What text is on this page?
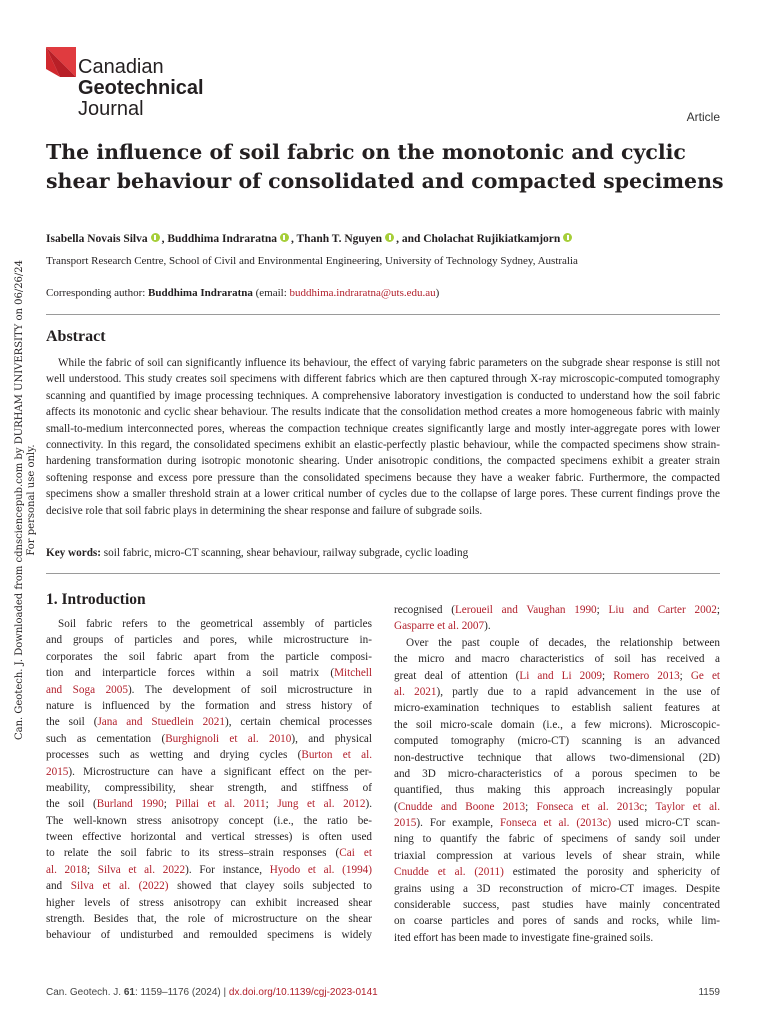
Canadian
Geotechnical
Journal	Article
The influence of soil fabric on the monotonic and cyclic shear behaviour of consolidated and compacted specimens
Isabella Novais Silva , Buddhima Indraratna , Thanh T. Nguyen , and Cholachat Rujikiatkamjorn
Transport Research Centre, School of Civil and Environmental Engineering, University of Technology Sydney, Australia
Corresponding author: Buddhima Indraratna (email: buddhima.indraratna@uts.edu.au)
Abstract

While the fabric of soil can significantly influence its behaviour, the effect of varying fabric parameters on the subgrade shear response is still not well understood. This study creates soil specimens with different fabrics which are then captured through X-ray microscopic-computed tomography scanning and quantified by image processing techniques. A comprehensive laboratory investigation is conducted to understand how the soil fabric affects its monotonic and cyclic shear behaviour. The results indicate that the consolidation method creates a more homogeneous fabric with mainly small-to-medium interconnected pores, whereas the compaction technique creates significantly large and mostly inter-aggregate pores with lower connectivity. In this regard, the consolidated specimens exhibit an elastic-perfectly plastic behaviour, while the compacted specimens show strain-hardening transformation during isotropic monotonic shearing. Under anisotropic conditions, the compacted specimens exhibit a greater strain softening response and excess pore pressure than the consolidated specimens because they have a weaker fabric. Furthermore, the compacted specimens show a smaller threshold strain at a lower critical number of cycles due to the collapse of large pores. These current findings prove the decisive role that soil fabric plays in determining the shear response and failure of subgrade soils.

Key words: soil fabric, micro-CT scanning, shear behaviour, railway subgrade, cyclic loading
1. Introduction
Soil fabric refers to the geometrical assembly of particles
and groups of particles and pores, while microstructure in-
corporates the soil fabric apart from the particle composi-
tion and interparticle forces within a soil matrix (Mitchell
and Soga 2005). The development of soil microstructure in
nature is influenced by the formation and stress history of
the soil (Jana and Stuedlein 2021), certain chemical processes
such as cementation (Burghignoli et al. 2010), and physical
processes such as wetting and drying cycles (Burton et al.
2015). Microstructure can have a significant effect on the per-
meability, compressibility, shear strength, and stiffness of
the soil (Burland 1990; Pillai et al. 2011; Jung et al. 2012).
The well-known stress anisotropy concept (i.e., the ratio be-
tween effective horizontal and vertical stresses) is often used
to relate the soil fabric to its stress–strain responses (Cai et
al. 2018; Silva et al. 2022). For instance, Hyodo et al. (1994)
and Silva et al. (2022) showed that clayey soils subjected to
higher levels of stress anisotropy can exhibit increased shear
strength. Besides that, the role of microstructure on the shear
behaviour of undisturbed and remoulded specimens is widely
recognised (Leroueil and Vaughan 1990; Liu and Carter 2002;
Gasparre et al. 2007).
Over the past couple of decades, the relationship between
the micro and macro characteristics of soil has received a
great deal of attention (Li and Li 2009; Romero 2013; Ge et
al. 2021), partly due to a rapid advancement in the use of
micro-examination techniques to establish salient features at
the soil micro-scale domain (i.e., a few microns). Microscopic-
computed tomography (micro-CT) scanning is an advanced
non-destructive technique that allows two-dimensional (2D)
and 3D micro-characteristics of a porous specimen to be
quantified, thus making this approach increasingly popular
(Cnudde and Boone 2013; Fonseca et al. 2013c; Taylor et al.
2015). For example, Fonseca et al. (2013c) used micro-CT scan-
ning to quantify the fabric of specimens of sandy soil under
triaxial compression at various levels of shear strain, while
Cnudde et al. (2011) estimated the porosity and sphericity of
grains using a 3D reconstruction of micro-CT images. Despite
considerable success, past studies have mainly concentrated
on coarse particles and pores of sands and rocks, while lim-
ited effort has been made to investigate fine-grained soils.
Can. Geotech. J. 61: 1159–1176 (2024) | dx.doi.org/10.1139/cgj-2023-0141	1159
Can. Geotech. J. Downloaded from cdnsciencepub.com by DURHAM UNIVERSITY on 06/26/24 For personal use only.
